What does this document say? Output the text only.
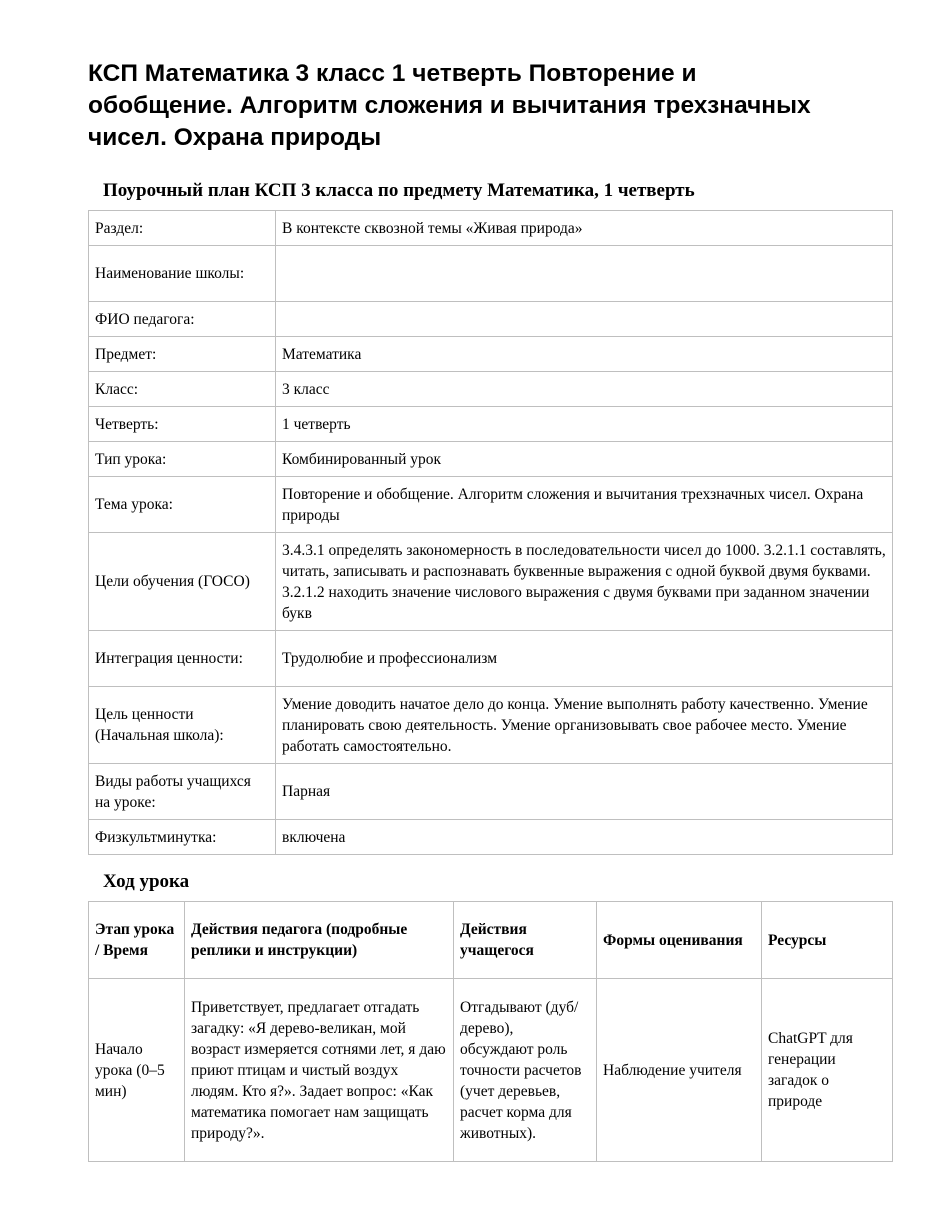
КСП Математика 3 класс 1 четверть Повторение и обобщение. Алгоритм сложения и вычитания трехзначных чисел. Охрана природы

Поурочный план КСП 3 класса по предмету Математика, 1 четверть

Раздел:	В контексте сквозной темы «Живая природа»
Наименование школы:	
ФИО педагога:	
Предмет:	Математика
Класс:	3 класс
Четверть:	1 четверть
Тип урока:	Комбинированный урок
Тема урока:	Повторение и обобщение. Алгоритм сложения и вычитания трехзначных чисел. Охрана природы
Цели обучения (ГОСО)	3.4.3.1 определять закономерность в последовательности чисел до 1000. 3.2.1.1 составлять, читать, записывать и распознавать буквенные выражения с одной буквой двумя буквами. 3.2.1.2 находить значение числового выражения с двумя буквами при заданном значении букв
Интеграция ценности:	Трудолюбие и профессионализм
Цель ценности (Начальная школа):	Умение доводить начатое дело до конца. Умение выполнять работу качественно. Умение планировать свою деятельность. Умение организовывать свое рабочее место. Умение работать самостоятельно.
Виды работы учащихся на уроке:	Парная
Физкультминутка:	включена

Ход урока

Этап урока / Время	Действия педагога (подробные реплики и инструкции)	Действия учащегося	Формы оценивания	Ресурсы
Начало урока (0–5 мин)	Приветствует, предлагает отгадать загадку: «Я дерево-великан, мой возраст измеряется сотнями лет, я даю приют птицам и чистый воздух людям. Кто я?». Задает вопрос: «Как математика помогает нам защищать природу?».	Отгадывают (дуб/дерево), обсуждают роль точности расчетов (учет деревьев, расчет корма для животных).	Наблюдение учителя	ChatGPT для генерации загадок о природе
